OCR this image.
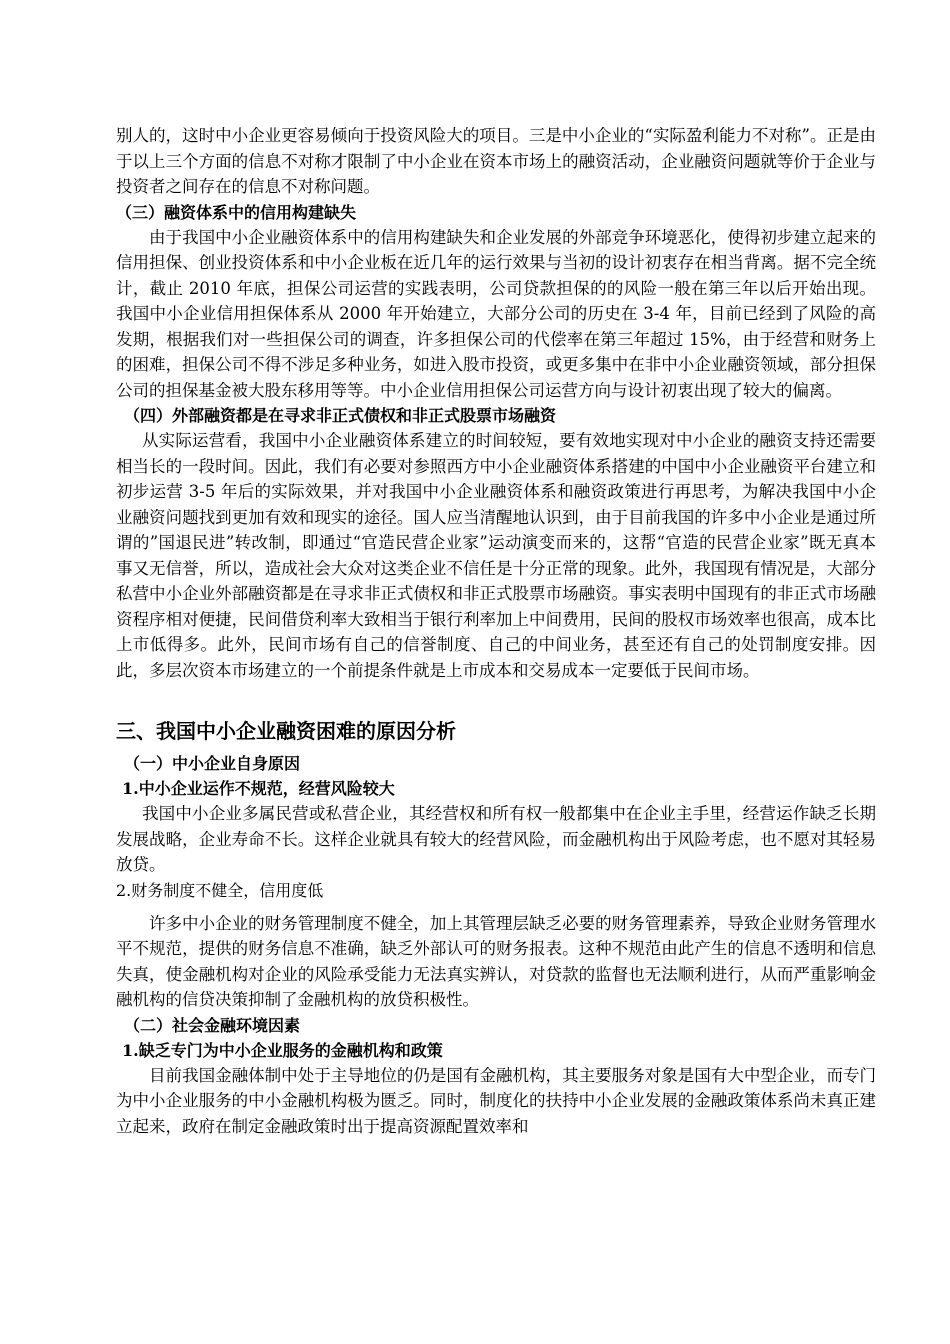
别人的，这时中小企业更容易倾向于投资风险大的项目。三是中小企业的“实际盈利能力不对称”。正是由于以上三个方面的信息不对称才限制了中小企业在资本市场上的融资活动，企业融资问题就等价于企业与投资者之间存在的信息不对称问题。

（三）融资体系中的信用构建缺失

由于我国中小企业融资体系中的信用构建缺失和企业发展的外部竞争环境恶化，使得初步建立起来的信用担保、创业投资体系和中小企业板在近几年的运行效果与当初的设计初衷存在相当背离。据不完全统计，截止 2010 年底，担保公司运营的实践表明，公司贷款担保的的风险一般在第三年以后开始出现。我国中小企业信用担保体系从 2000 年开始建立，大部分公司的历史在 3-4 年，目前已经到了风险的高发期，根据我们对一些担保公司的调查，许多担保公司的代偿率在第三年超过 15%，由于经营和财务上的困难，担保公司不得不涉足多种业务，如进入股市投资，或更多集中在非中小企业融资领域，部分担保公司的担保基金被大股东移用等等。中小企业信用担保公司运营方向与设计初衷出现了较大的偏离。

（四）外部融资都是在寻求非正式债权和非正式股票市场融资

从实际运营看，我国中小企业融资体系建立的时间较短，要有效地实现对中小企业的融资支持还需要相当长的一段时间。因此，我们有必要对参照西方中小企业融资体系搭建的中国中小企业融资平台建立和初步运营 3-5 年后的实际效果，并对我国中小企业融资体系和融资政策进行再思考，为解决我国中小企业融资问题找到更加有效和现实的途径。国人应当清醒地认识到，由于目前我国的许多中小企业是通过所谓的”国退民进”转改制，即通过“官造民营企业家”运动演变而来的，这帮“官造的民营企业家”既无真本事又无信誉，所以，造成社会大众对这类企业不信任是十分正常的现象。此外，我国现有情况是，大部分私营中小企业外部融资都是在寻求非正式债权和非正式股票市场融资。事实表明中国现有的非正式市场融资程序相对便捷，民间借贷利率大致相当于银行利率加上中间费用，民间的股权市场效率也很高，成本比上市低得多。此外，民间市场有自己的信誉制度、自己的中间业务，甚至还有自己的处罚制度安排。因此，多层次资本市场建立的一个前提条件就是上市成本和交易成本一定要低于民间市场。

三、我国中小企业融资困难的原因分析

（一）中小企业自身原因

1.中小企业运作不规范，经营风险较大

我国中小企业多属民营或私营企业，其经营权和所有权一般都集中在企业主手里，经营运作缺乏长期发展战略，企业寿命不长。这样企业就具有较大的经营风险，而金融机构出于风险考虑，也不愿对其轻易放贷。

2.财务制度不健全，信用度低

许多中小企业的财务管理制度不健全，加上其管理层缺乏必要的财务管理素养，导致企业财务管理水平不规范，提供的财务信息不准确，缺乏外部认可的财务报表。这种不规范由此产生的信息不透明和信息失真，使金融机构对企业的风险承受能力无法真实辨认，对贷款的监督也无法顺利进行，从而严重影响金融机构的信贷决策抑制了金融机构的放贷积极性。

（二）社会金融环境因素

1.缺乏专门为中小企业服务的金融机构和政策

目前我国金融体制中处于主导地位的仍是国有金融机构，其主要服务对象是国有大中型企业，而专门为中小企业服务的中小金融机构极为匮乏。同时，制度化的扶持中小企业发展的金融政策体系尚未真正建立起来，政府在制定金融政策时出于提高资源配置效率和
